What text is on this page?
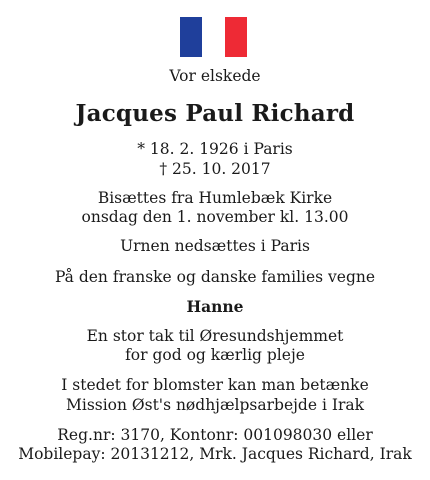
Vor elskede
Jacques Paul Richard
* 18. 2. 1926 i Paris
† 25. 10. 2017
Bisættes fra Humlebæk Kirke
onsdag den 1. november kl. 13.00
Urnen nedsættes i Paris
På den franske og danske families vegne
Hanne
En stor tak til Øresundshjemmet
for god og kærlig pleje
I stedet for blomster kan man betænke
Mission Øst's nødhjælpsarbejde i Irak
Reg.nr: 3170, Kontonr: 001098030 eller
Mobilepay: 20131212, Mrk. Jacques Richard, Irak
